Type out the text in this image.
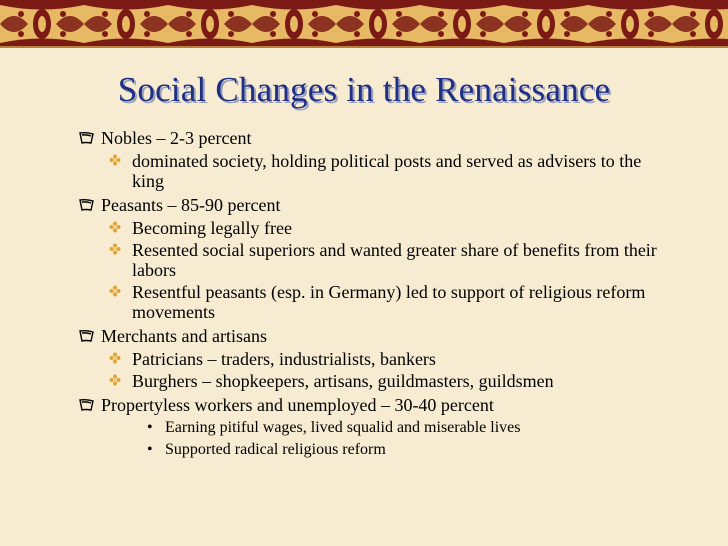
Social Changes in the Renaissance
Nobles – 2-3 percent
dominated society, holding political posts and served as advisers to the king
Peasants – 85-90 percent
Becoming legally free
Resented social superiors and wanted greater share of benefits from their labors
Resentful peasants (esp. in Germany) led to support of religious reform movements
Merchants and artisans
Patricians – traders, industrialists, bankers
Burghers – shopkeepers, artisans, guildmasters, guildsmen
Propertyless workers and unemployed – 30-40 percent
• Earning pitiful wages, lived squalid and miserable lives
• Supported radical religious reform
